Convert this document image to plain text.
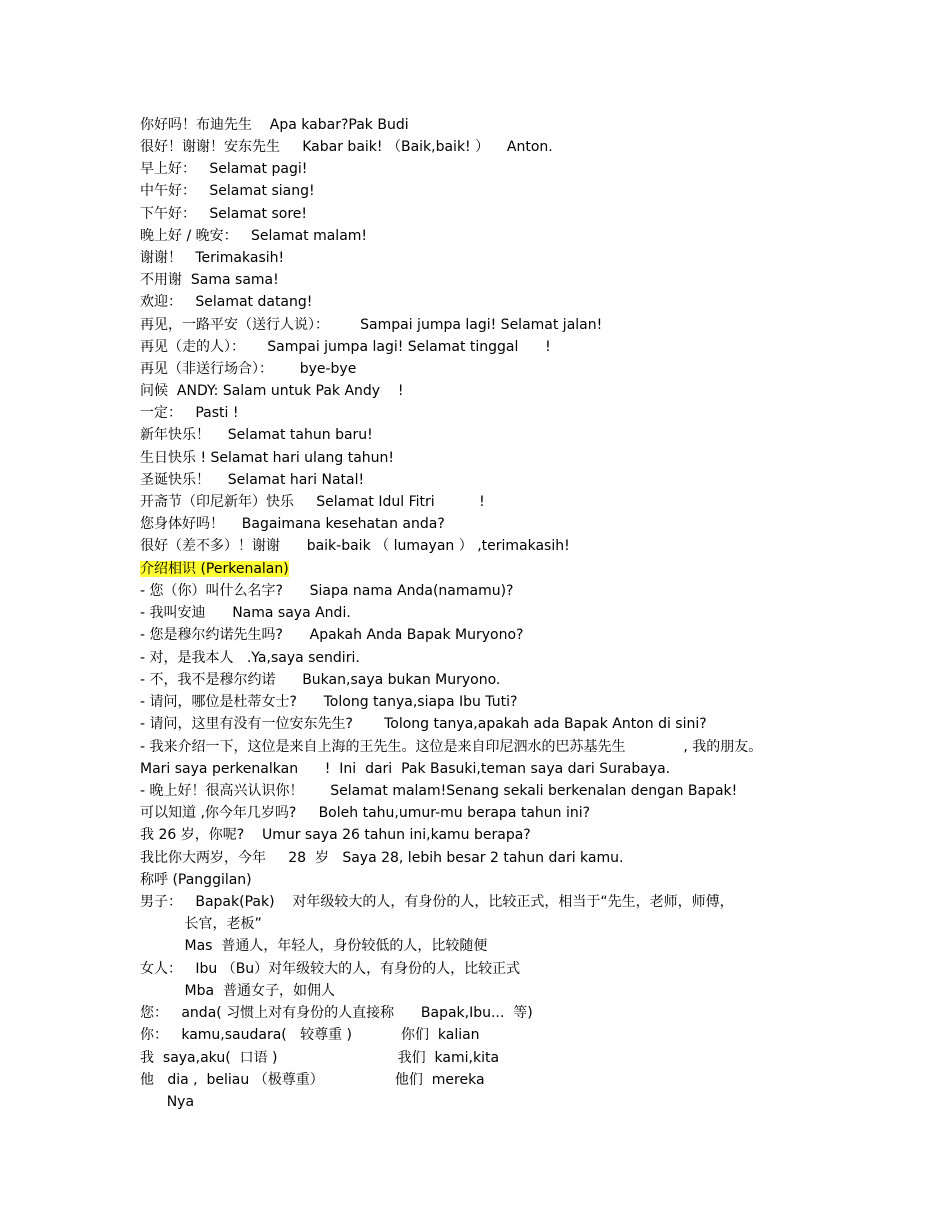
你好吗！布迪先生    Apa kabar?Pak Budi
很好！谢谢！安东先生     Kabar baik! （Baik,baik! ）    Anton.
早上好：   Selamat pagi!
中午好：   Selamat siang!
下午好：   Selamat sore!
晚上好 / 晚安：   Selamat malam!
谢谢！   Terimakasih!
不用谢  Sama sama!
欢迎：   Selamat datang!
再见，一路平安（送行人说）：       Sampai jumpa lagi! Selamat jalan!
再见（走的人）：     Sampai jumpa lagi! Selamat tinggal      !
再见（非送行场合）：      bye-bye
问候  ANDY: Salam untuk Pak Andy    !
一定：   Pasti !
新年快乐！    Selamat tahun baru!
生日快乐 ! Selamat hari ulang tahun!
圣诞快乐！    Selamat hari Natal!
开斋节（印尼新年）快乐     Selamat Idul Fitri          !
您身体好吗！    Bagaimana kesehatan anda?
很好（差不多）！谢谢      baik-baik （ lumayan ） ,terimakasih!
介绍相识 (Perkenalan)
- 您（你）叫什么名字?      Siapa nama Anda(namamu)?
- 我叫安迪      Nama saya Andi.
- 您是穆尔约诺先生吗?      Apakah Anda Bapak Muryono?
- 对，是我本人   .Ya,saya sendiri.
- 不，我不是穆尔约诺      Bukan,saya bukan Muryono.
- 请问，哪位是杜蒂女士?      Tolong tanya,siapa Ibu Tuti?
- 请问，这里有没有一位安东先生?       Tolong tanya,apakah ada Bapak Anton di sini?
- 我来介绍一下，这位是来自上海的王先生。这位是来自印尼泗水的巴苏基先生             , 我的朋友。
Mari saya perkenalkan      !  Ini  dari  Pak Basuki,teman saya dari Surabaya.
- 晚上好！很高兴认识你！      Selamat malam!Senang sekali berkenalan dengan Bapak!
可以知道 ,你今年几岁吗?     Boleh tahu,umur-mu berapa tahun ini?
我 26 岁，你呢?    Umur saya 26 tahun ini,kamu berapa?
我比你大两岁，今年     28  岁   Saya 28, lebih besar 2 tahun dari kamu.
称呼 (Panggilan)
男子：   Bapak(Pak)    对年级较大的人，有身份的人，比较正式，相当于“先生，老师，师傅，
长官，老板”
Mas  普通人，年轻人，身份较低的人，比较随便
女人：   Ibu （Bu）对年级较大的人，有身份的人，比较正式
Mba  普通女子，如佣人
您：   anda( 习惯上对有身份的人直接称      Bapak,Ibu...  等)
你：   kamu,saudara(   较尊重 )           你们  kalian
我  saya,aku(  口语 )                           我们  kami,kita
他   dia ,  beliau （极尊重）                他们  mereka
Nya
